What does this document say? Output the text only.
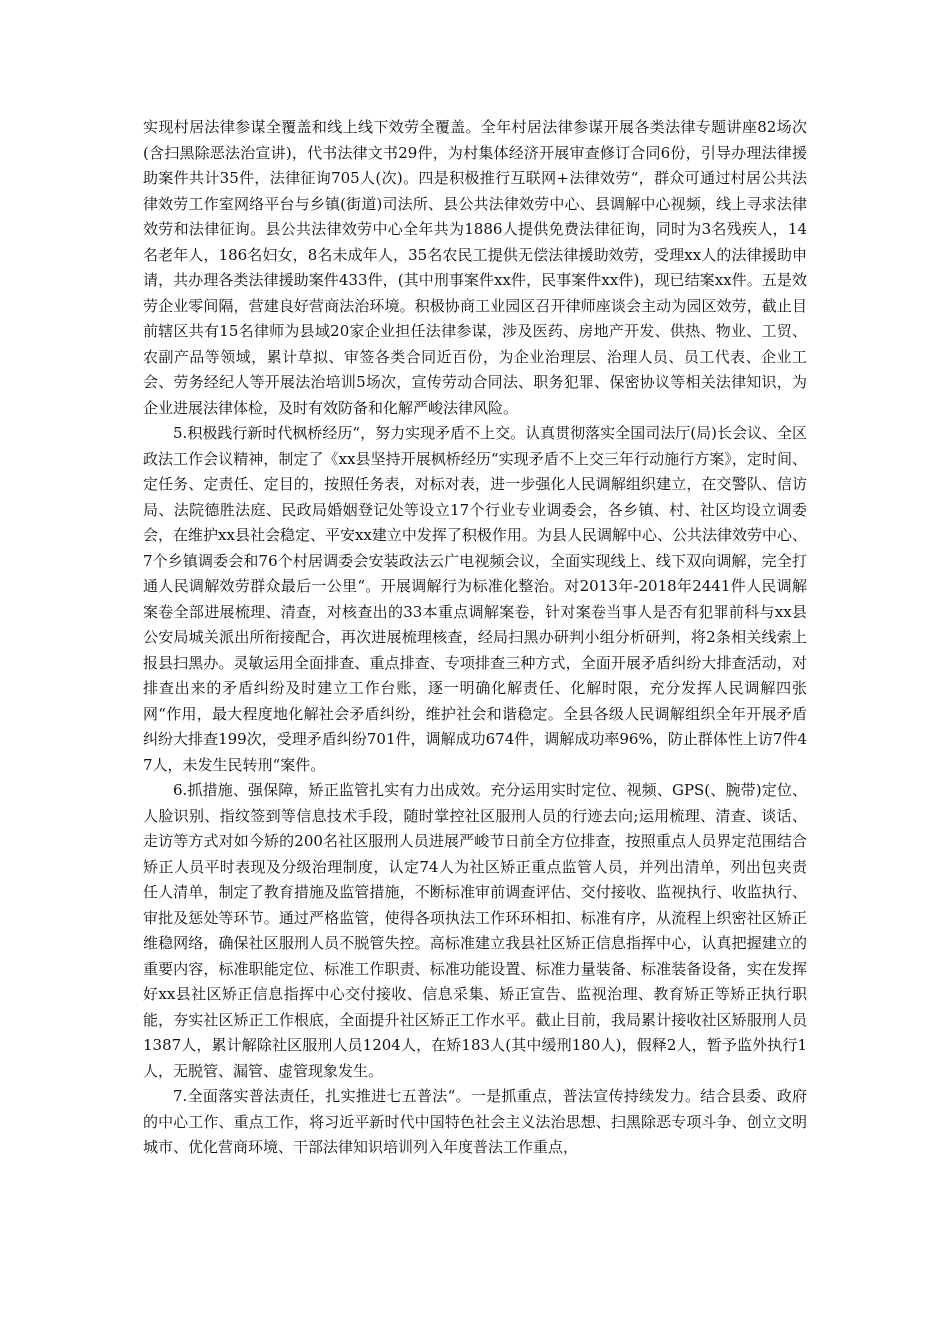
实现村居法律参谋全覆盖和线上线下效劳全覆盖。全年村居法律参谋开展各类法律专题讲座82场次(含扫黑除恶法治宣讲)，代书法律文书29件，为村集体经济开展审查修订合同6份，引导办理法律援助案件共计35件，法律征询705人(次)。四是积极推行互联网+法律效劳“，群众可通过村居公共法律效劳工作室网络平台与乡镇(街道)司法所、县公共法律效劳中心、县调解中心视频，线上寻求法律效劳和法律征询。县公共法律效劳中心全年共为1886人提供免费法律征询，同时为3名残疾人，14名老年人，186名妇女，8名未成年人，35名农民工提供无偿法律援助效劳，受理xx人的法律援助申请，共办理各类法律援助案件433件，(其中刑事案件xx件，民事案件xx件)，现已结案xx件。五是效劳企业零间隔，营建良好营商法治环境。积极协商工业园区召开律师座谈会主动为园区效劳，截止目前辖区共有15名律师为县域20家企业担任法律参谋，涉及医药、房地产开发、供热、物业、工贸、农副产品等领域，累计草拟、审签各类合同近百份，为企业治理层、治理人员、员工代表、企业工会、劳务经纪人等开展法治培训5场次，宣传劳动合同法、职务犯罪、保密协议等相关法律知识，为企业进展法律体检，及时有效防备和化解严峻法律风险。

5.积极践行新时代枫桥经历“，努力实现矛盾不上交。认真贯彻落实全国司法厅(局)长会议、全区政法工作会议精神，制定了《xx县坚持开展枫桥经历“实现矛盾不上交三年行动施行方案》，定时间、定任务、定责任、定目的，按照任务表，对标对表，进一步强化人民调解组织建立，在交警队、信访局、法院德胜法庭、民政局婚姻登记处等设立17个行业专业调委会，各乡镇、村、社区均设立调委会，在维护xx县社会稳定、平安xx建立中发挥了积极作用。为县人民调解中心、公共法律效劳中心、7个乡镇调委会和76个村居调委会安装政法云广电视频会议，全面实现线上、线下双向调解，完全打通人民调解效劳群众最后一公里“。开展调解行为标准化整治。对2013年-2018年2441件人民调解案卷全部进展梳理、清查，对核查出的33本重点调解案卷，针对案卷当事人是否有犯罪前科与xx县公安局城关派出所衔接配合，再次进展梳理核查，经局扫黑办研判小组分析研判，将2条相关线索上报县扫黑办。灵敏运用全面排查、重点排查、专项排查三种方式，全面开展矛盾纠纷大排查活动，对排查出来的矛盾纠纷及时建立工作台账，逐一明确化解责任、化解时限，充分发挥人民调解四张网“作用，最大程度地化解社会矛盾纠纷，维护社会和谐稳定。全县各级人民调解组织全年开展矛盾纠纷大排查199次，受理矛盾纠纷701件，调解成功674件，调解成功率96%，防止群体性上访7件47人，未发生民转刑“案件。

6.抓措施、强保障，矫正监管扎实有力出成效。充分运用实时定位、视频、GPS(、腕带)定位、人脸识别、指纹签到等信息技术手段，随时掌控社区服刑人员的行迹去向;运用梳理、清查、谈话、走访等方式对如今矫的200名社区服刑人员进展严峻节日前全方位排查，按照重点人员界定范围结合矫正人员平时表现及分级治理制度，认定74人为社区矫正重点监管人员，并列出清单，列出包夹责任人清单，制定了教育措施及监管措施，不断标准审前调查评估、交付接收、监视执行、收监执行、审批及惩处等环节。通过严格监管，使得各项执法工作环环相扣、标准有序，从流程上织密社区矫正维稳网络，确保社区服刑人员不脱管失控。高标准建立我县社区矫正信息指挥中心，认真把握建立的重要内容，标准职能定位、标准工作职责、标准功能设置、标准力量装备、标准装备设备，实在发挥好xx县社区矫正信息指挥中心交付接收、信息采集、矫正宣告、监视治理、教育矫正等矫正执行职能，夯实社区矫正工作根底，全面提升社区矫正工作水平。截止目前，我局累计接收社区矫服刑人员1387人，累计解除社区服刑人员1204人，在矫183人(其中缓刑180人)，假释2人，暂予监外执行1人，无脱管、漏管、虚管现象发生。

7.全面落实普法责任，扎实推进七五普法“。一是抓重点，普法宣传持续发力。结合县委、政府的中心工作、重点工作，将习近平新时代中国特色社会主义法治思想、扫黑除恶专项斗争、创立文明城市、优化营商环境、干部法律知识培训列入年度普法工作重点，
